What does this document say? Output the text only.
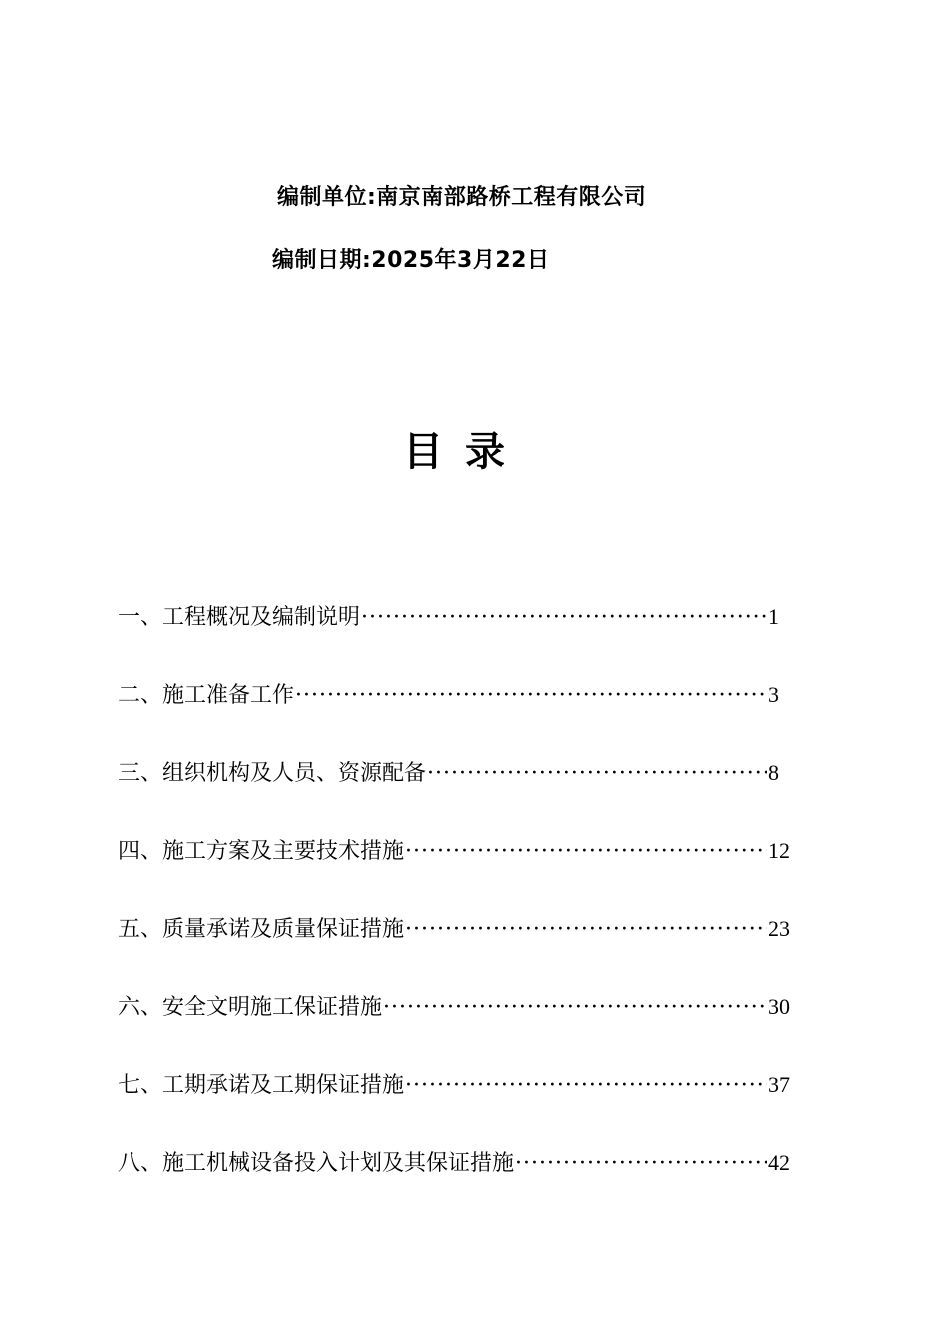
编制单位:南京南部路桥工程有限公司
编制日期:2025年3月22日
目录
一、工程概况及编制说明 ·····	1
二、施工准备工作 ·····	3
三、组织机构及人员、资源配备 ·····	8
四、施工方案及主要技术措施 ·····	12
五、质量承诺及质量保证措施 ·····	23
六、安全文明施工保证措施 ·····	30
七、工期承诺及工期保证措施 ·····	37
八、施工机械设备投入计划及其保证措施 ·····	42
